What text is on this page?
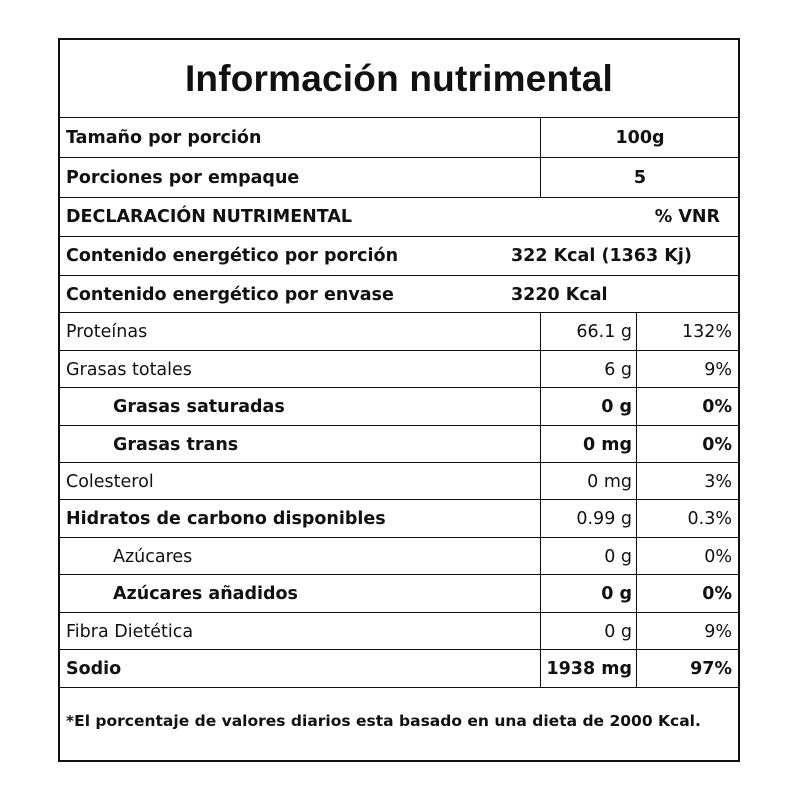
Información nutrimental
Tamaño por porción	100g
Porciones por empaque	5
DECLARACIÓN NUTRIMENTAL	% VNR
Contenido energético por porción	322 Kcal (1363 Kj)
Contenido energético por envase	3220 Kcal
Proteínas	66.1 g	132%
Grasas totales	6 g	9%
Grasas saturadas	0 g	0%
Grasas trans	0 mg	0%
Colesterol	0 mg	3%
Hidratos de carbono disponibles	0.99 g	0.3%
Azúcares	0 g	0%
Azúcares añadidos	0 g	0%
Fibra Dietética	0 g	9%
Sodio	1938 mg	97%
*El porcentaje de valores diarios esta basado en una dieta de 2000 Kcal.
